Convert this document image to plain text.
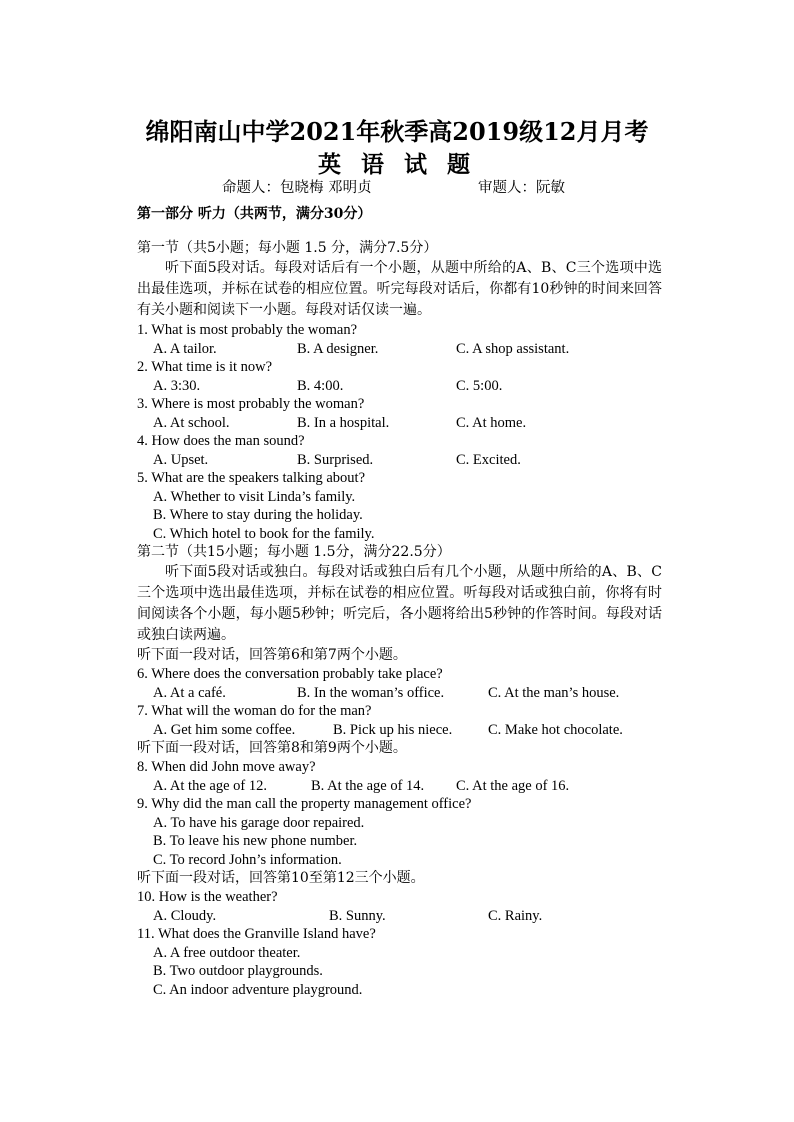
绵阳南山中学2021年秋季高2019级12月月考
英 语 试 题
命题人：包晓梅 邓明贞	审题人：阮敏
第一部分 听力（共两节，满分30分）
第一节（共5小题；每小题 1.5 分，满分7.5分）
听下面5段对话。每段对话后有一个小题，从题中所给的A、B、C三个选项中选出最佳选项，并标在试卷的相应位置。听完每段对话后，你都有10秒钟的时间来回答有关小题和阅读下一小题。每段对话仅读一遍。
1. What is most probably the woman?
A. A tailor.	B. A designer.	C. A shop assistant.
2. What time is it now?
A. 3:30.	B. 4:00.	C. 5:00.
3. Where is most probably the woman?
A. At school.	B. In a hospital.	C. At home.
4. How does the man sound?
A. Upset.	B. Surprised.	C. Excited.
5. What are the speakers talking about?
A. Whether to visit Linda’s family.
B. Where to stay during the holiday.
C. Which hotel to book for the family.
第二节（共15小题；每小题 1.5分，满分22.5分）
听下面5段对话或独白。每段对话或独白后有几个小题，从题中所给的A、B、C三个选项中选出最佳选项，并标在试卷的相应位置。听每段对话或独白前，你将有时间阅读各个小题，每小题5秒钟；听完后，各小题将给出5秒钟的作答时间。每段对话或独白读两遍。
听下面一段对话，回答第6和第7两个小题。
6. Where does the conversation probably take place?
A. At a café.	B. In the woman’s office.	C. At the man’s house.
7. What will the woman do for the man?
A. Get him some coffee.	B. Pick up his niece. C. Make hot chocolate.
听下面一段对话，回答第8和第9两个小题。
8. When did John move away?
A. At the age of 12.	B. At the age of 14. C. At the age of 16.
9. Why did the man call the property management office?
A. To have his garage door repaired.
B. To leave his new phone number.
C. To record John’s information.
听下面一段对话，回答第10至第12三个小题。
10. How is the weather?
A. Cloudy.	B. Sunny.	C. Rainy.
11. What does the Granville Island have?
A. A free outdoor theater.
B. Two outdoor playgrounds.
C. An indoor adventure playground.
